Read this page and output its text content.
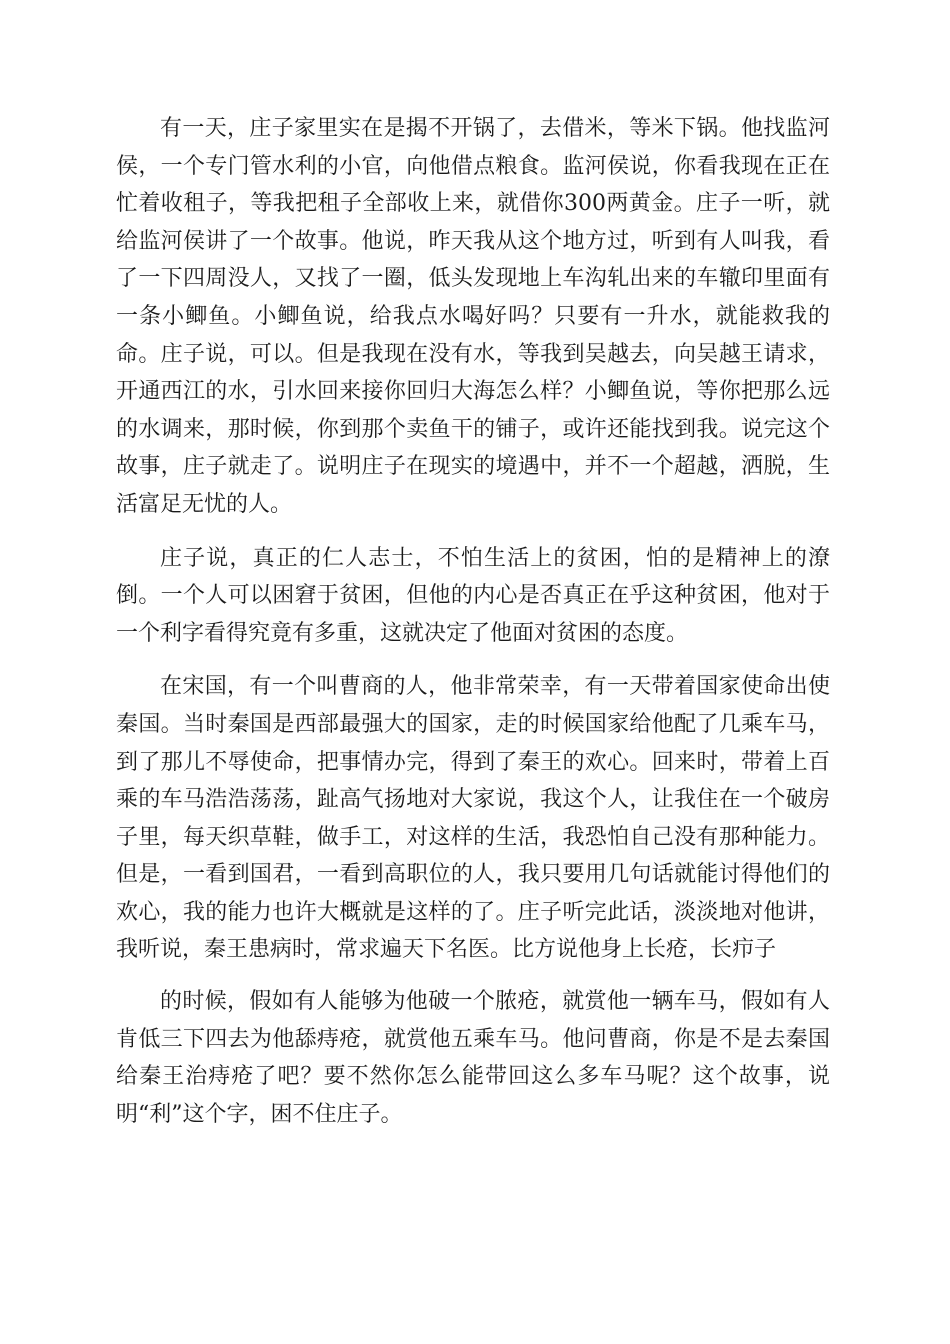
有一天，庄子家里实在是揭不开锅了，去借米，等米下锅。他找监河侯，一个专门管水利的小官，向他借点粮食。监河侯说，你看我现在正在忙着收租子，等我把租子全部收上来，就借你300两黄金。庄子一听，就给监河侯讲了一个故事。他说，昨天我从这个地方过，听到有人叫我，看了一下四周没人，又找了一圈，低头发现地上车沟轧出来的车辙印里面有一条小鲫鱼。小鲫鱼说，给我点水喝好吗？只要有一升水，就能救我的命。庄子说，可以。但是我现在没有水，等我到吴越去，向吴越王请求，开通西江的水，引水回来接你回归大海怎么样？小鲫鱼说，等你把那么远的水调来，那时候，你到那个卖鱼干的铺子，或许还能找到我。说完这个故事，庄子就走了。说明庄子在现实的境遇中，并不一个超越，洒脱，生活富足无忧的人。

庄子说，真正的仁人志士，不怕生活上的贫困，怕的是精神上的潦倒。一个人可以困窘于贫困，但他的内心是否真正在乎这种贫困，他对于一个利字看得究竟有多重，这就决定了他面对贫困的态度。

在宋国，有一个叫曹商的人，他非常荣幸，有一天带着国家使命出使秦国。当时秦国是西部最强大的国家，走的时候国家给他配了几乘车马，到了那儿不辱使命，把事情办完，得到了秦王的欢心。回来时，带着上百乘的车马浩浩荡荡，趾高气扬地对大家说，我这个人，让我住在一个破房子里，每天织草鞋，做手工，对这样的生活，我恐怕自己没有那种能力。但是，一看到国君，一看到高职位的人，我只要用几句话就能讨得他们的欢心，我的能力也许大概就是这样的了。庄子听完此话，淡淡地对他讲，我听说，秦王患病时，常求遍天下名医。比方说他身上长疮，长疖子

的时候，假如有人能够为他破一个脓疮，就赏他一辆车马，假如有人肯低三下四去为他舔痔疮，就赏他五乘车马。他问曹商，你是不是去秦国给秦王治痔疮了吧？要不然你怎么能带回这么多车马呢？这个故事，说明“利”这个字，困不住庄子。
